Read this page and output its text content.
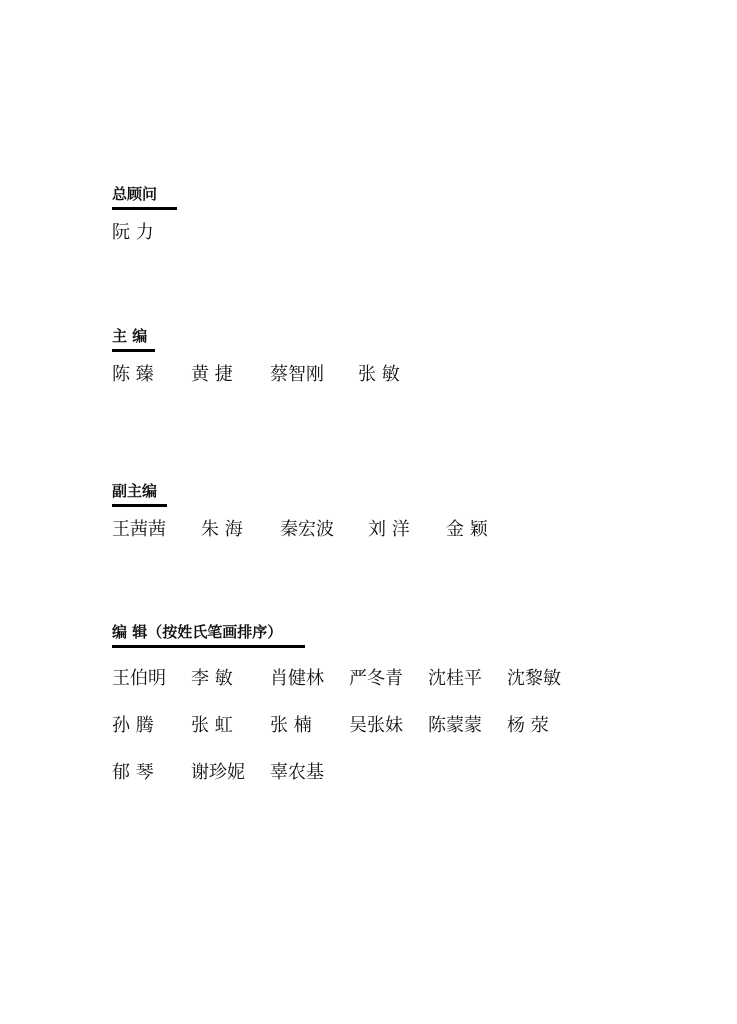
总顾问
阮 力
主 编
陈 臻 黄 捷 蔡智刚 张 敏
副主编
王茜茜 朱 海 秦宏波 刘 洋 金 颖
编 辑（按姓氏笔画排序）
王伯明 李 敏 肖健林 严冬青 沈桂平 沈黎敏
孙 腾 张 虹 张 楠 吴张妹 陈蒙蒙 杨 荥
郁 琴 谢珍妮 辜农基
